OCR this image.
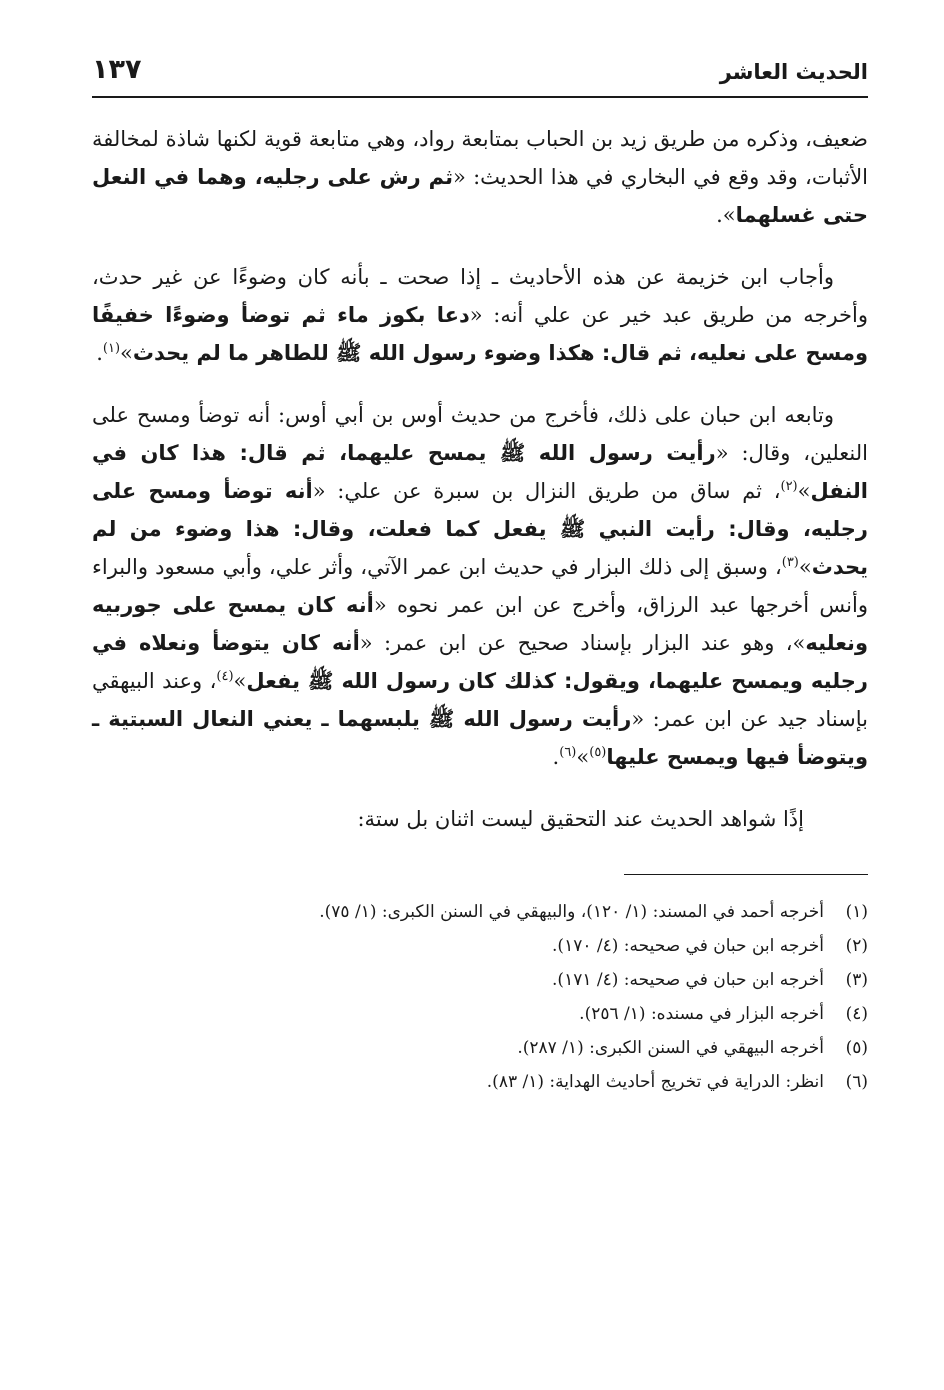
الحديث العاشر
١٣٧

ضعيف، وذكره من طريق زيد بن الحباب بمتابعة رواد، وهي متابعة قوية لكنها شاذة لمخالفة الأثبات، وقد وقع في البخاري في هذا الحديث: «ثم رش على رجليه، وهما في النعل حتى غسلهما».

وأجاب ابن خزيمة عن هذه الأحاديث ـ إذا صحت ـ بأنه كان وضوءًا عن غير حدث، وأخرجه من طريق عبد خير عن علي أنه: «دعا بكوز ماء ثم توضأ وضوءًا خفيفًا ومسح على نعليه، ثم قال: هكذا وضوء رسول الله ﷺ للطاهر ما لم يحدث»$^{(١)}$.

وتابعه ابن حبان على ذلك، فأخرج من حديث أوس بن أبي أوس: أنه توضأ ومسح على النعلين، وقال: «رأيت رسول الله ﷺ يمسح عليهما، ثم قال: هذا كان في النفل»$^{(٢)}$، ثم ساق من طريق النزال بن سبرة عن علي: «أنه توضأ ومسح على رجليه، وقال: رأيت النبي ﷺ يفعل كما فعلت، وقال: هذا وضوء من لم يحدث»$^{(٣)}$، وسبق إلى ذلك البزار في حديث ابن عمر الآتي، وأثر علي، وأبي مسعود والبراء وأنس أخرجها عبد الرزاق، وأخرج عن ابن عمر نحوه «أنه كان يمسح على جوربيه ونعليه»، وهو عند البزار بإسناد صحيح عن ابن عمر: «أنه كان يتوضأ ونعلاه في رجليه ويمسح عليهما، ويقول: كذلك كان رسول الله ﷺ يفعل»$^{(٤)}$، وعند البيهقي بإسناد جيد عن ابن عمر: «رأيت رسول الله ﷺ يلبسهما ـ يعني النعال السبتية ـ ويتوضأ فيها ويمسح عليها$^{(٥)}$»$^{(٦)}$.

إذًا شواهد الحديث عند التحقيق ليست اثنان بل ستة:

(١)
أخرجه أحمد في المسند: (١/ ١٢٠)، والبيهقي في السنن الكبرى: (١/ ٧٥).
(٢)
أخرجه ابن حبان في صحيحه: (٤/ ١٧٠).
(٣)
أخرجه ابن حبان في صحيحه: (٤/ ١٧١).
(٤)
أخرجه البزار في مسنده: (١/ ٢٥٦).
(٥)
أخرجه البيهقي في السنن الكبرى: (١/ ٢٨٧).
(٦)
انظر: الدراية في تخريج أحاديث الهداية: (١/ ٨٣).
